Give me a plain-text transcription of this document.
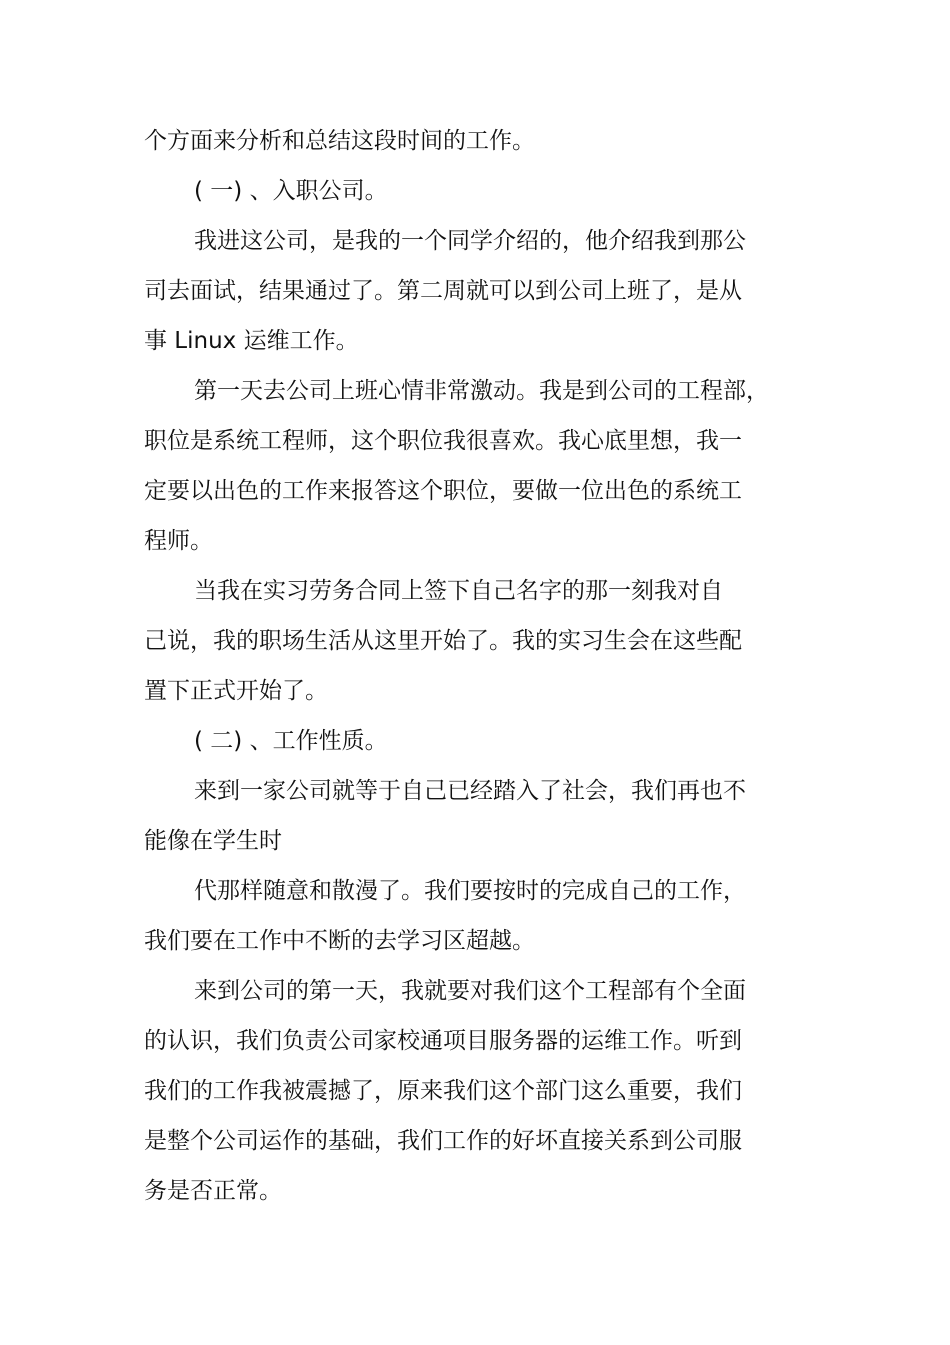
个方面来分析和总结这段时间的工作。
( 一) 、入职公司。
我进这公司，是我的一个同学介绍的，他介绍我到那公
司去面试，结果通过了。第二周就可以到公司上班了，是从
事 Linux 运维工作。
第一天去公司上班心情非常激动。我是到公司的工程部，
职位是系统工程师，这个职位我很喜欢。我心底里想，我一
定要以出色的工作来报答这个职位，要做一位出色的系统工
程师。
当我在实习劳务合同上签下自己名字的那一刻我对自
己说，我的职场生活从这里开始了。我的实习生会在这些配
置下正式开始了。
( 二) 、工作性质。
来到一家公司就等于自己已经踏入了社会，我们再也不
能像在学生时
代那样随意和散漫了。我们要按时的完成自己的工作，
我们要在工作中不断的去学习区超越。
来到公司的第一天，我就要对我们这个工程部有个全面
的认识，我们负责公司家校通项目服务器的运维工作。听到
我们的工作我被震撼了，原来我们这个部门这么重要，我们
是整个公司运作的基础，我们工作的好坏直接关系到公司服
务是否正常。
